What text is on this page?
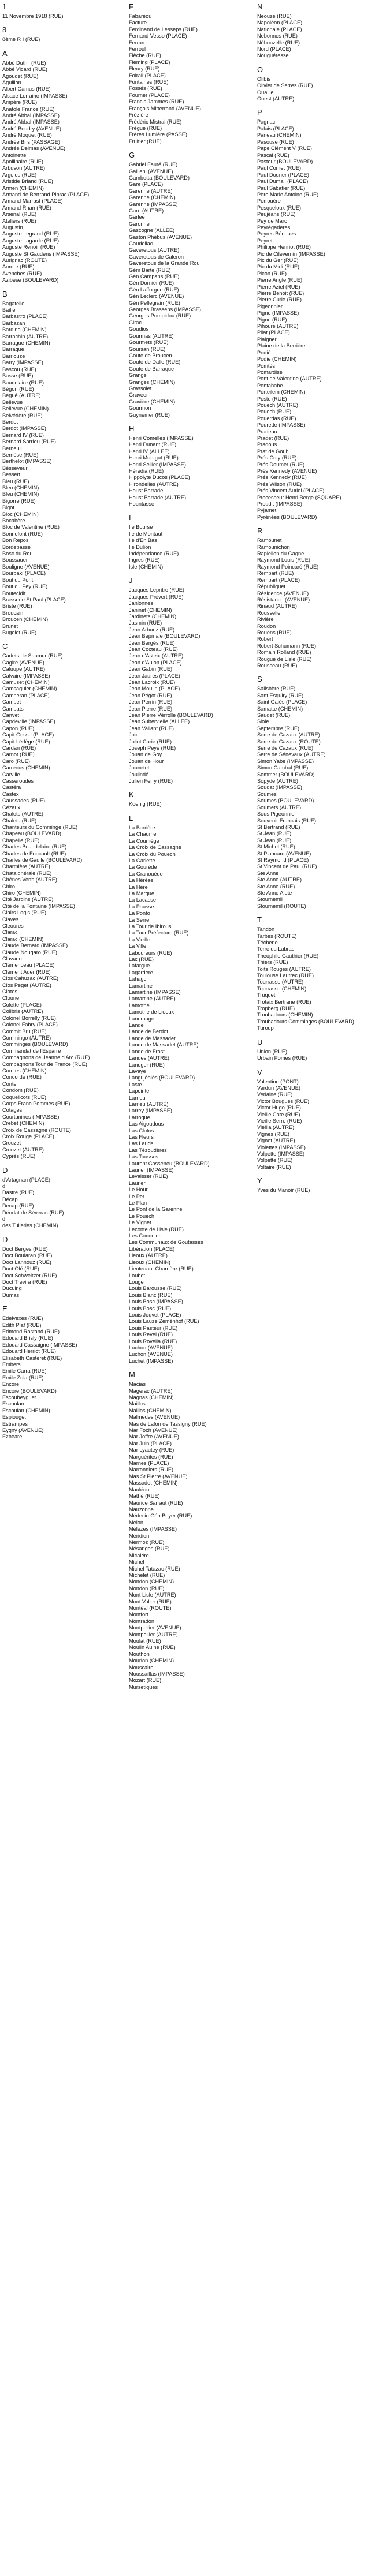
1
11 Novembre 1918 (RUE)
8
8ème R I (RUE)
A
Abbé Duthil (RUE)
Abbé Vicard (RUE)
Agoudet (RUE)
Aguillon
Albert Camus (RUE)
Alsace Lorraine (IMPASSE)
Ampère (RUE)
Anatole France (RUE)
André Abbal (IMPASSE)
André Abbal (IMPASSE)
André Boudry (AVENUE)
André Moquet (RUE)
Andrée Bris (PASSAGE)
Andrée Delmas (AVENUE)
Antoinette
Apollinaire (RUE)
Arbuson (AUTRE)
Argeles (RUE)
Aristide Briand (RUE)
Armen (CHEMIN)
Armand de Bertrand Pibrac (PLACE)
Armand Marrast (PLACE)
Armand Rhan (RUE)
Arsenal (RUE)
Ateliers (RUE)
Augustin
Auguste Legrand (RUE)
Auguste Lagarde (RUE)
Auguste Renoir (RUE)
Auguste St Gaudens (IMPASSE)
Aurignac (ROUTE)
Aurore (RUE)
Avenches (RUE)
Azibese (BOULEVARD)
B
Bagatelle
Baille
Barbastro (PLACE)
Barbazan
Bardino (CHEMIN)
Barrachin (AUTRE)
Barrague (CHEMIN)
Barraque
Barriouze
Barry (IMPASSE)
Bascou (RUE)
Basse (RUE)
Baudelaire (RUE)
Bégon (RUE)
Bégué (AUTRE)
Bellevue
Bellevue (CHEMIN)
Belvédère (RUE)
Berdot
Berdot (IMPASSE)
Bernard IV (RUE)
Bernard Sarrieu (RUE)
Berneuil
Bernèse (RUE)
Berthelot (IMPASSE)
Bésseveur
Bessert
Bleu (RUE)
Bleu (CHEMIN)
Bleu (CHEMIN)
Bigorre (RUE)
Bigot
Bloc (CHEMIN)
Bocabère
Bloc de Valentine (RUE)
Bonnefont (RUE)
Bon Repos
Bordebasse
Bosc du Rou
Boussauer
Bouligne (AVENUE)
Bourbaki (PLACE)
Bout du Pont
Bout du Pey (RUE)
Boutecidit
Brasserie St Paul (PLACE)
Briste (RUE)
Broucain
Broucen (CHEMIN)
Brunet
Bugelet (RUE)
C
Cadets de Saumur (RUE)
Cagire (AVENUE)
Caluupe (AUTRE)
Calvaire (IMPASSE)
Camuset (CHEMIN)
Camsaguier (CHEMIN)
Camperan (PLACE)
Campet
Campats
Canvet
Capdeville (IMPASSE)
Capon (RUE)
Capit Gesse (PLACE)
Capit Lédège (RUE)
Cardan (RUE)
Carnot (RUE)
Caro (RUE)
Carreous (CHEMIN)
Carville
Casseroudes
Castéra
Castex
Caussades (RUE)
Cézaux
Chalets (AUTRE)
Chalets (RUE)
Chanteurs du Comminge (RUE)
Chapeau (BOULEVARD)
Chapelle (RUE)
Charles Beaudelaire (RUE)
Charles de Foucault (RUE)
Charles de Gaulle (BOULEVARD)
Charmière (AUTRE)
Chataignérale (RUE)
Chênes Verts (AUTRE)
Chiro
Chiro (CHEMIN)
Cité Jardins (AUTRE)
Cité de la Fontaine (IMPASSE)
Clairs Logis (RUE)
Claves
Cleoures
Clarac
Clarac (CHEMIN)
Claude Bernard (IMPASSE)
Claude Nougaro (RUE)
Clavarin
Clémenceau (PLACE)
Clément Ader (RUE)
Clos Cahuzac (AUTRE)
Clos Peget (AUTRE)
Clotes
Cloune
Colette (PLACE)
Colibris (AUTRE)
Colonel Borrelly (RUE)
Colonel Fabry (PLACE)
Commit Bru (RUE)
Commingo (AUTRE)
Comminges (BOULEVARD)
Commandat de l'Esparre
Compagnons de Jeanne d'Arc (RUE)
Compagnons Tour de France (RUE)
Comtes (CHEMIN)
Concorde (RUE)
Conte
Condom (RUE)
Coquelicots (RUE)
Corps Franc Pommes (RUE)
Cotages
Courtanines (IMPASSE)
Crebet (CHEMIN)
Croix de Cassagne (ROUTE)
Croix Rouge (PLACE)
Crouzet
Crouzet (AUTRE)
Cyprès (RUE)
D
d'Artagnan (PLACE)
d
Dastre (RUE)
Décap
Decap (RUE)
Déodat de Séverac (RUE)
d
des Tuileries (CHEMIN)
D
Doct Berges (RUE)
Doct Boularan (RUE)
Doct Lannouz (RUE)
Doct Olé (RUE)
Doct Schweitzer (RUE)
Doct Trevira (RUE)
Ducuing
Dumas
E
Edelvexes (RUE)
Edith Piaf (RUE)
Edmond Rostand (RUE)
Edouard Brisly (RUE)
Edouard Cassaigne (IMPASSE)
Edouard Herriot (RUE)
Elisabeth Casteret (RUE)
Embers
Emile Carra (RUE)
Emile Zola (RUE)
Encore
Encore (BOULEVARD)
Escoubeyguet
Escoulan
Escoulan (CHEMIN)
Espiouget
Estrampes
Eygny (AVENUE)
Ezbeare
F
Fabarèou
Facture
Ferdinand de Lesseps (RUE)
Fernand Vesso (PLACE)
Ferran
Ferroul
Flèche (RUE)
Fleming (PLACE)
Fleury (RUE)
Foirail (PLACE)
Fontaines (RUE)
Fossés (RUE)
Fourner (PLACE)
Francis Jammes (RUE)
François Mitterrand (AVENUE)
Frézière
Frédéric Mistral (RUE)
Frégue (RUE)
Frères Lumière (PASSE)
Fruitier (RUE)
G
Gabriel Fauré (RUE)
Gallieni (AVENUE)
Gambetta (BOULEVARD)
Gare (PLACE)
Garenne (AUTRE)
Garenne (CHEMIN)
Garenne (IMPASSE)
Gare (AUTRE)
Garlee
Garonne
Gascogne (ALLEE)
Gaston Phébus (AVENUE)
Gaudellac
Gaveretous (AUTRE)
Gaveretous de Caleron
Gaveretous de la Grande Rou
Gém Barte (RUE)
Gén Campans (RUE)
Gén Dornier (RUE)
Gén Lafforgue (RUE)
Gén Leclerc (AVENUE)
Gén Pellegrain (RUE)
Georges Brassens (IMPASSE)
Georges Pompidou (RUE)
Girac
Goudios
Gourmas (AUTRE)
Gourmets (RUE)
Goursan (RUE)
Goute de Broucen
Goute de Dalle (RUE)
Goute de Barraque
Grange
Granges (CHEMIN)
Grassolet
Graveer
Gravière (CHEMIN)
Gourmon
Guynemer (RUE)
H
Henri Comelles (IMPASSE)
Henri Dunant (RUE)
Henri IV (ALLEE)
Henri Montgut (RUE)
Henri Sellier (IMPASSE)
Hérédia (RUE)
Hippolyte Ducos (PLACE)
Hirondelles (AUTRE)
Houst Barrade
Houst Barrade (AUTRE)
Hountasse
I
Ile Bourse
Ile de Montaut
Ile d'En Bas
Ile Dulion
Indépendance (RUE)
Ingres (RUE)
Isle (CHEMIN)
J
Jacques Lepritre (RUE)
Jacques Prévert (RUE)
Janlonnes
Janinet (CHEMIN)
Jardinets (CHEMIN)
Jasmin (RUE)
Jean Arbuez (RUE)
Jean Bepmale (BOULEVARD)
Jean Bergès (RUE)
Jean Cocteau (RUE)
Jean d'Asteix (AUTRE)
Jean d'Aulon (PLACE)
Jean Gabin (RUE)
Jean Jaurès (PLACE)
Jean Lacroix (RUE)
Jean Moulin (PLACE)
Jean Pégot (RUE)
Jean Perrin (RUE)
Jean Pierre (RUE)
Jean Pierre Vérrolle (BOULEVARD)
Jean Subervielle (ALLEE)
Jean Vallant (RUE)
Joc
Joliot Curie (RUE)
Joseph Peyé (RUE)
Jouan de Goy
Jouan de Hour
Jounetet
Joulindé
Julien Ferry (RUE)
K
Koenig (RUE)
L
La Barrière
La Chaume
La Coumège
La Croix de Cassagne
La Croix du Pouech
La Garlette
La Gourède
La Granouède
La Hérèse
La Hère
La Marque
La Lacasse
La Pausse
La Ponto
La Serre
La Tour de Ibirous
La Tour Préfecture (RUE)
La Vieille
La Ville
Laboureurs (RUE)
Lac (RUE)
Lafargue
Lagardere
Lahage
Lamartine
Lamartine (IMPASSE)
Lamartine (AUTRE)
Lamothe
Lamothe de Lieoux
Lanerouge
Lande
Lande de Berdot
Lande de Massadet
Lande de Massadet (AUTRE)
Lande de Frost
Landes (AUTRE)
Lanoger (RUE)
Lavaye
Langujéalés (BOULEVARD)
Laste
Lapointe
Larrieu
Larrieu (AUTRE)
Larrey (IMPASSE)
Larroque
Las Aigoudous
Las Clotos
Las Fleurs
Las Lauds
Las Tézoudères
Las Tousses
Laurent Casseneu (BOULEVARD)
Laurier (IMPASSE)
Levaisser (RUE)
Laurier
Le Hour
Le Per
Le Plan
Le Pont de la Garenne
Le Pouech
Le Vignet
Leconte de Lisle (RUE)
Les Condoles
Les Communaux de Goutasses
Libération (PLACE)
Lieoux (AUTRE)
Lieoux (CHEMIN)
Lieutenant Charrière (RUE)
Loubet
Louge
Louis Barousse (RUE)
Louis Blanc (RUE)
Louis Bosc (IMPASSE)
Louis Bosc (RUE)
Louis Jouvet (PLACE)
Louis Lauze Zéménhof (RUE)
Louis Pasteur (RUE)
Louis Revel (RUE)
Louis Rovella (RUE)
Luchon (AVENUE)
Luchon (AVENUE)
Luchet (IMPASSE)
M
Macias
Magerac (AUTRE)
Magnas (CHEMIN)
Maillos
Maillos (CHEMIN)
Malmedes (AVENUE)
Mas de Lafon de Tassigny (RUE)
Mar Foch (AVENUE)
Mar Joffre (AVENUE)
Mar Juin (PLACE)
Mar Lyautey (RUE)
Marguérites (RUE)
Marnes (PLACE)
Marronniers (RUE)
Mas St Pierre (AVENUE)
Massadet (CHEMIN)
Mauléon
Mathé (RUE)
Maurice Sarraut (RUE)
Mauzonne
Médecin Gén Boyer (RUE)
Melon
Mélèzes (IMPASSE)
Méridien
Mermoz (RUE)
Mésanges (RUE)
Micalére
Michel
Michel Tatazac (RUE)
Michelet (RUE)
Mondon (CHEMIN)
Mondon (RUE)
Mont Lisle (AUTRE)
Mont Valier (RUE)
Montéal (ROUTE)
Montfort
Montradon
Montpellier (AVENUE)
Montpellier (AUTRE)
Moulat (RUE)
Moulin Aulne (RUE)
Mouthon
Mourlon (CHEMIN)
Mouscaire
Moussaillas (IMPASSE)
Mozart (RUE)
Mursetiques
N
Neouze (RUE)
Napoléon (PLACE)
Nationale (PLACE)
Nebonnes (RUE)
Nébouzelle (RUE)
Nord (PLACE)
Nouguéresse
O
Olibis
Olivier de Serres (RUE)
Ouaille
Ouest (AUTRE)
P
Pagnac
Palais (PLACE)
Paneau (CHEMIN)
Pasouse (RUE)
Pape Clément V (RUE)
Pascal (RUE)
Pasteur (BOULEVARD)
Paul Comet (RUE)
Paul Douner (PLACE)
Paul Dumail (PLACE)
Paul Sabatier (RUE)
Père Marie Antoine (RUE)
Perrouère
Pesqueloux (RUE)
Peujéans (RUE)
Pey de Marc
Peyrégadères
Peyres Bénques
Peyret
Philippe Henriot (RUE)
Pic de Cilevernin (IMPASSE)
Pic du Ger (RUE)
Pic du Midi (RUE)
Picon (RUE)
Pierre Angle (RUE)
Pierre Aziel (RUE)
Pierre Benoit (RUE)
Pierre Curie (RUE)
Pigeonnier
Pigne (IMPASSE)
Pigne (RUE)
Pihoure (AUTRE)
Pilat (PLACE)
Plaigner
Plaine de la Berrière
Podié
Podie (CHEMIN)
Pomtès
Pomardise
Pont de Valentine (AUTRE)
Pontababe
Porteilem (CHEMIN)
Poste (RUE)
Pouech (AUTRE)
Pouech (RUE)
Pouerdas (RUE)
Pourette (IMPASSE)
Pradeau
Pradet (RUE)
Pradous
Prat de Gouh
Prés Coty (RUE)
Prés Doumer (RUE)
Prés Kennedy (AVENUE)
Prés Kennedy (RUE)
Prés Wilson (RUE)
Prés Vincent Auriol (PLACE)
Processeur Henri Berge (SQUARE)
Proudit (IMPASSE)
Pyjamet
Pyrénées (BOULEVARD)
R
Ramounet
Ramounichon
Rapiellon du Gagne
Raymond Louis (RUE)
Raymond Poincaré (RUE)
Rempart (RUE)
Rempart (PLACE)
Républiquet
Résidence (AVENUE)
Résistance (AVENUE)
Rinaud (AUTRE)
Rousselle
Rivière
Roudon
Rouens (RUE)
Robert
Robert Schumann (RUE)
Romain Rolland (RUE)
Rougué de Lisle (RUE)
Rousseau (RUE)
S
Salisbère (RUE)
Sant Esquiry (RUE)
Saint Gaiès (PLACE)
Samatte (CHEMIN)
Saudet (RUE)
Siole
Septembre (RUE)
Serre de Cazaux (AUTRE)
Serre de Cazaux (ROUTE)
Serre de Cazaux (RUE)
Serre de Sénevaux (AUTRE)
Simon Yabe (IMPASSE)
Simon Cambal (RUE)
Sommer (BOULEVARD)
Sopyde (AUTRE)
Soudat (IMPASSE)
Soumes
Soumes (BOULEVARD)
Soumets (AUTRE)
Sous Pigeonnier
Souvenir Francais (RUE)
St Bertrand (RUE)
St Jean (RUE)
St Jean (RUE)
St Michel (RUE)
St Plancard (AVENUE)
St Raymond (PLACE)
St Vincent de Paul (RUE)
Ste Anne
Ste Anne (AUTRE)
Ste Anne (RUE)
Ste Anne Alote
Stournemil
Stournemil (ROUTE)
T
Tandon
Tarbes (ROUTE)
Téchène
Terre du Labras
Théophile Gauthier (RUE)
Thiers (RUE)
Toits Rouges (AUTRE)
Toulouse Lautrec (RUE)
Tourrasse (AUTRE)
Tourrasse (CHEMIN)
Truquet
Trotaix Bertrane (RUE)
Tropberg (RUE)
Troubadours (CHEMIN)
Troubadours Comminges (BOULEVARD)
Turoup
U
Union (RUE)
Urbain Pomes (RUE)
V
Valentine (PONT)
Verdun (AVENUE)
Verlaine (RUE)
Victor Bougues (RUE)
Victor Hugo (RUE)
Vieille Cote (RUE)
Vieille Serre (RUE)
Vieilla (AUTRE)
Vignes (RUE)
Vignet (AUTRE)
Violettes (IMPASSE)
Volpette (IMPASSE)
Volpette (RUE)
Voltaire (RUE)
Y
Yves du Manoir (RUE)
